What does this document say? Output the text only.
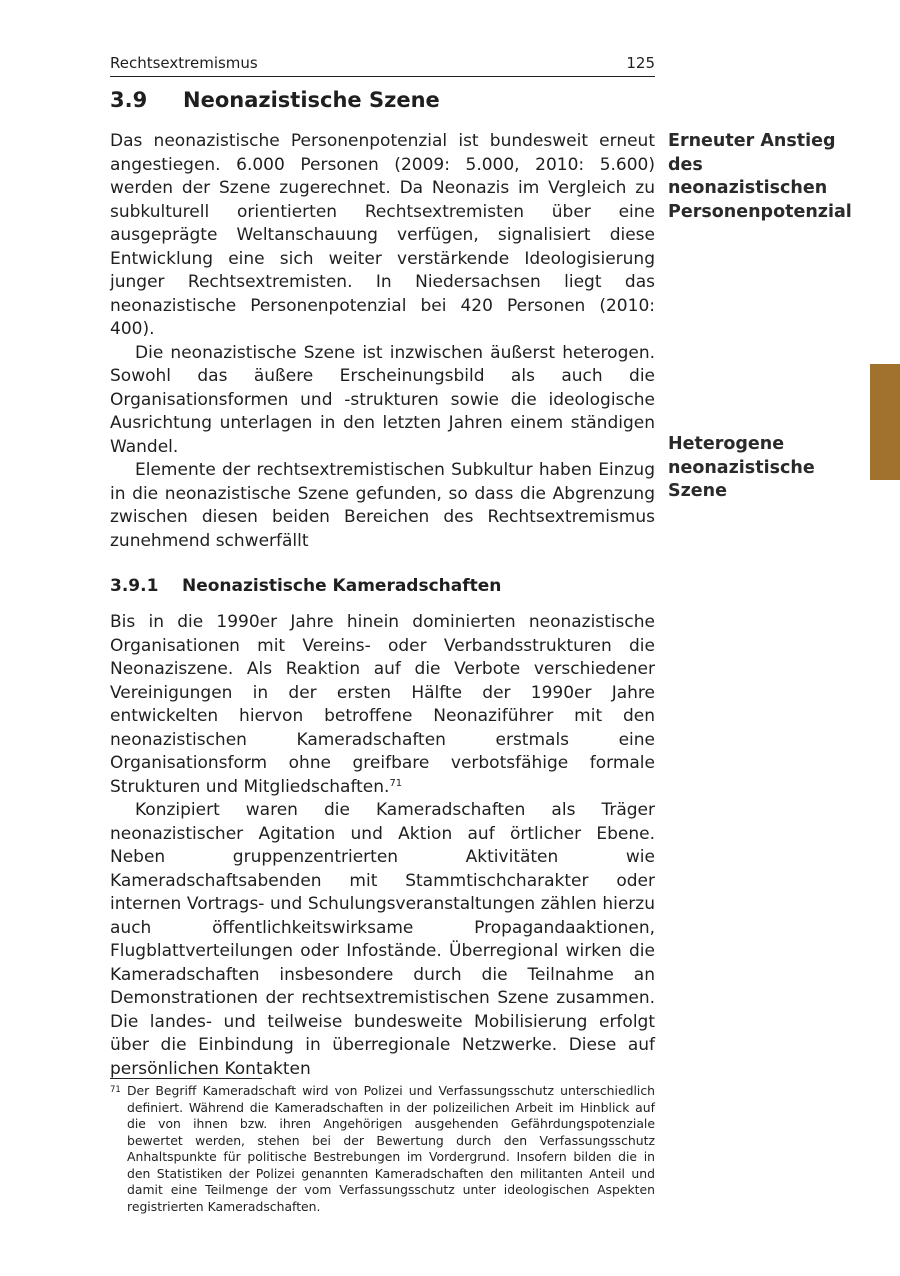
Rechtsextremismus	125
3.9 Neonazistische Szene

Das neonazistische Personenpotenzial ist bundesweit erneut angestiegen. 6.000 Personen (2009: 5.000, 2010: 5.600) werden der Szene zugerechnet. Da Neonazis im Vergleich zu subkulturell orientierten Rechtsextremisten über eine ausgeprägte Weltanschauung verfügen, signalisiert diese Entwicklung eine sich weiter verstärkende Ideologisierung junger Rechtsextremisten. In Niedersachsen liegt das neonazistische Personenpotenzial bei 420 Personen (2010: 400).

Die neonazistische Szene ist inzwischen äußerst heterogen. Sowohl das äußere Erscheinungsbild als auch die Organisationsformen und -strukturen sowie die ideologische Ausrichtung unterlagen in den letzten Jahren einem ständigen Wandel.

Elemente der rechtsextremistischen Subkultur haben Einzug in die neonazistische Szene gefunden, so dass die Abgrenzung zwischen diesen beiden Bereichen des Rechtsextremismus zunehmend schwerfällt

Erneuter Anstieg des neonazistischen Personenpotenzial
Heterogene neonazistische Szene
3.9.1 Neonazistische Kameradschaften

Bis in die 1990er Jahre hinein dominierten neonazistische Organisationen mit Vereins- oder Verbandsstrukturen die Neonaziszene. Als Reaktion auf die Verbote verschiedener Vereinigungen in der ersten Hälfte der 1990er Jahre entwickelten hiervon betroffene Neonaziführer mit den neonazistischen Kameradschaften erstmals eine Organisationsform ohne greifbare verbotsfähige formale Strukturen und Mitgliedschaften.$^{71}$

Konzipiert waren die Kameradschaften als Träger neonazistischer Agitation und Aktion auf örtlicher Ebene. Neben gruppenzentrierten Aktivitäten wie Kameradschaftsabenden mit Stammtischcharakter oder internen Vortrags- und Schulungsveranstaltungen zählen hierzu auch öffentlichkeitswirksame Propagandaaktionen, Flugblattverteilungen oder Infostände. Überregional wirken die Kameradschaften insbesondere durch die Teilnahme an Demonstrationen der rechtsextremistischen Szene zusammen. Die landes- und teilweise bundesweite Mobilisierung erfolgt über die Einbindung in überregionale Netzwerke. Diese auf persönlichen Kontakten

71 Der Begriff Kameradschaft wird von Polizei und Verfassungsschutz unterschiedlich definiert. Während die Kameradschaften in der polizeilichen Arbeit im Hinblick auf die von ihnen bzw. ihren Angehörigen ausgehenden Gefährdungspotenziale bewertet werden, stehen bei der Bewertung durch den Verfassungsschutz Anhaltspunkte für politische Bestrebungen im Vordergrund. Insofern bilden die in den Statistiken der Polizei genannten Kameradschaften den militanten Anteil und damit eine Teilmenge der vom Verfassungsschutz unter ideologischen Aspekten registrierten Kameradschaften.
